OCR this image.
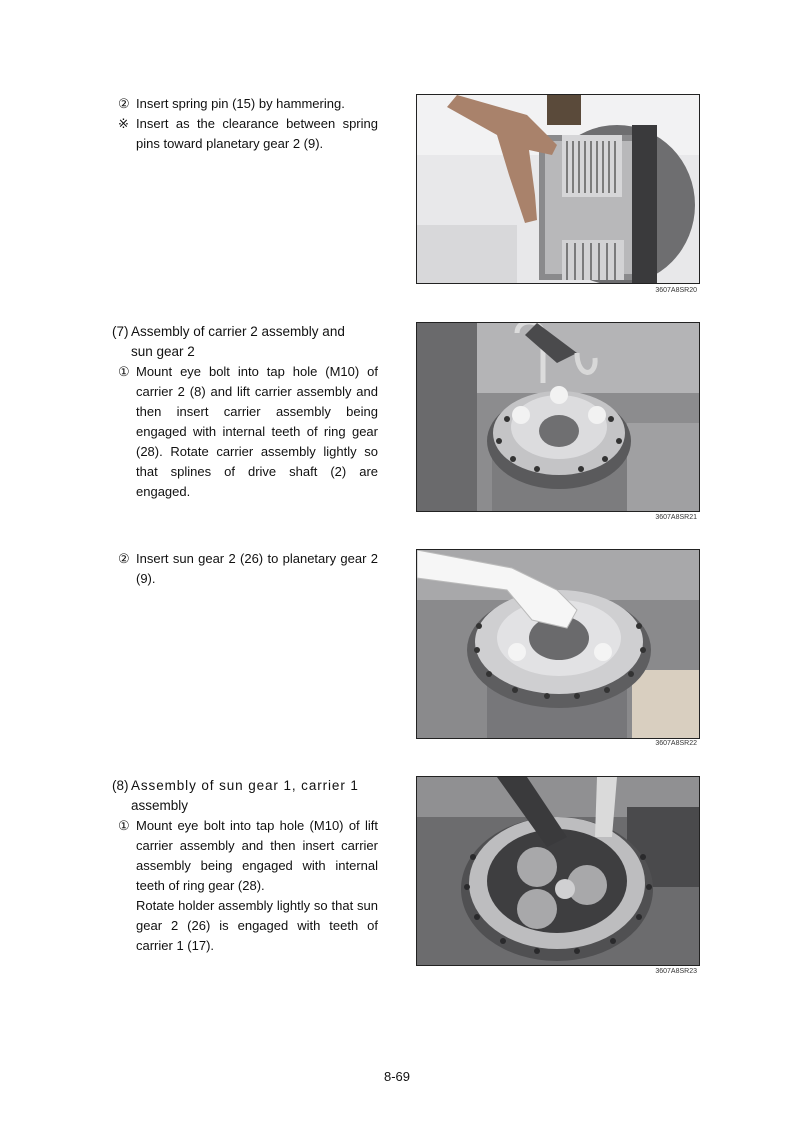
② Insert spring pin (15) by hammering.
※ Insert as the clearance between spring pins toward planetary gear 2 (9).
3607A8SR20
(7) Assembly of carrier 2 assembly and
sun gear 2
① Mount eye bolt into tap hole (M10) of carrier 2 (8) and lift carrier assembly and then insert carrier assembly being engaged with internal teeth of ring gear (28). Rotate carrier assembly lightly so that splines of drive shaft (2) are engaged.
3607A8SR21
② Insert sun gear 2 (26) to planetary gear 2 (9).
3607A8SR22
(8) Assembly of sun gear 1, carrier 1
assembly
① Mount eye bolt into tap hole (M10) of lift carrier assembly and then insert carrier assembly being engaged with internal teeth of ring gear (28).
Rotate holder assembly lightly so that sun gear 2 (26) is engaged with teeth of carrier 1 (17).
3607A8SR23
8-69
